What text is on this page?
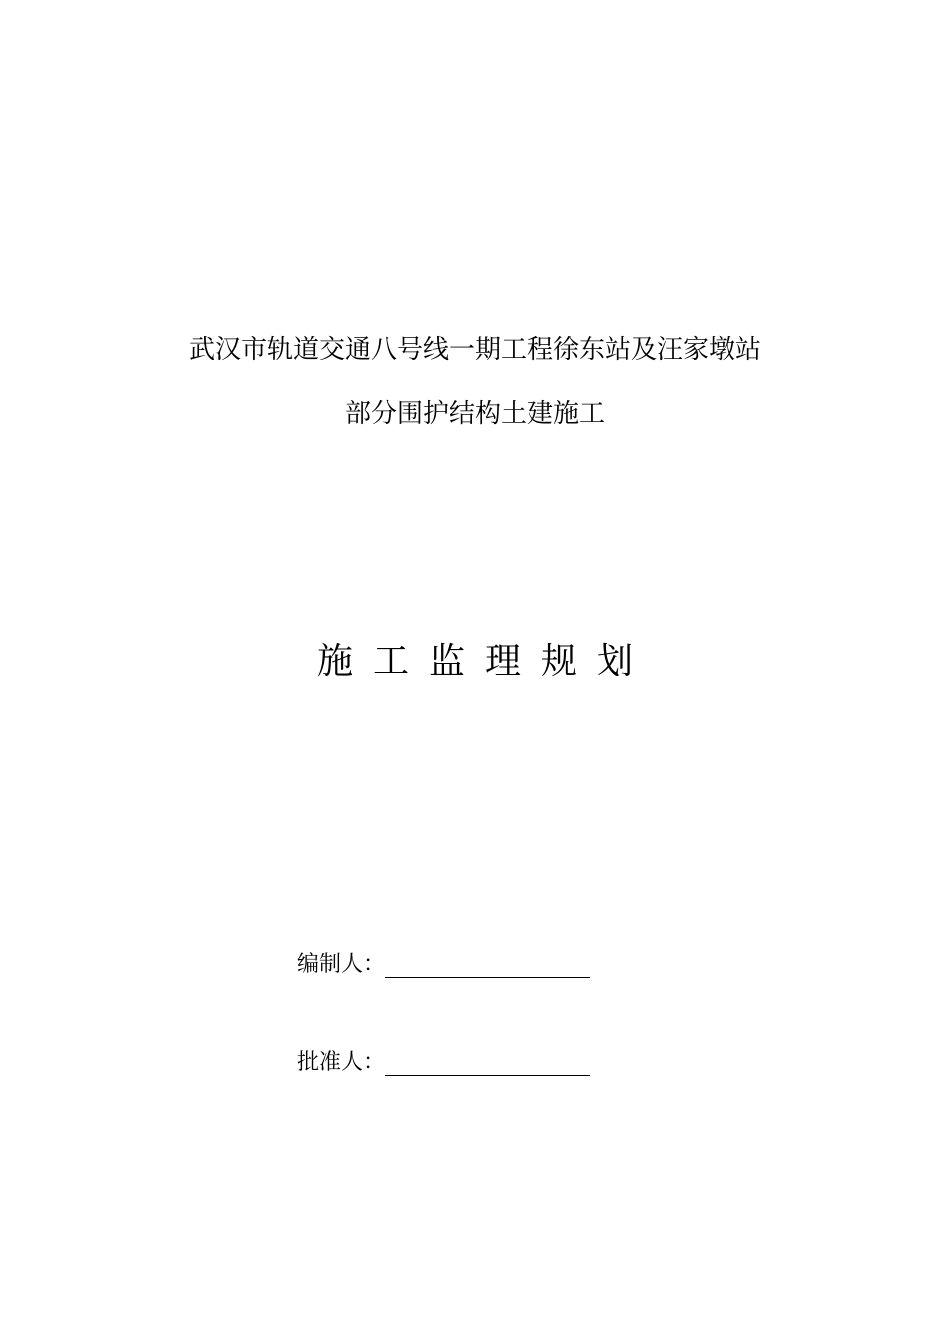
武汉市轨道交通八号线一期工程徐东站及汪家墩站
部分围护结构土建施工
施工监理规划
编制人：
批准人：
